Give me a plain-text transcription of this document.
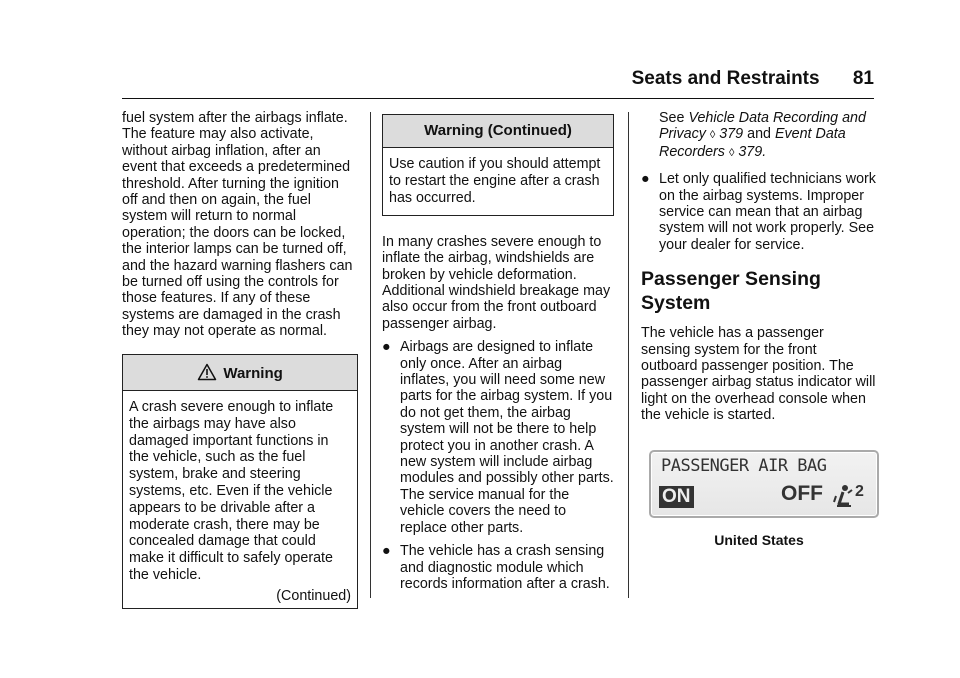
Seats and Restraints 81

fuel system after the airbags inflate. The feature may also activate, without airbag inflation, after an event that exceeds a predetermined threshold. After turning the ignition off and then on again, the fuel system will return to normal operation; the doors can be locked, the interior lamps can be turned off, and the hazard warning flashers can be turned off using the controls for those features. If any of these systems are damaged in the crash they may not operate as normal.

Warning
A crash severe enough to inflate the airbags may have also damaged important functions in the vehicle, such as the fuel system, brake and steering systems, etc. Even if the vehicle appears to be drivable after a moderate crash, there may be concealed damage that could make it difficult to safely operate the vehicle.
(Continued)
Warning (Continued)
Use caution if you should attempt to restart the engine after a crash has occurred.

In many crashes severe enough to inflate the airbag, windshields are broken by vehicle deformation. Additional windshield breakage may also occur from the front outboard passenger airbag.

● Airbags are designed to inflate only once. After an airbag inflates, you will need some new parts for the airbag system. If you do not get them, the airbag system will not be there to help protect you in another crash. A new system will include airbag modules and possibly other parts. The service manual for the vehicle covers the need to replace other parts.
● The vehicle has a crash sensing and diagnostic module which records information after a crash.

See Vehicle Data Recording and Privacy ◊ 379 and Event Data Recorders ◊ 379.

● Let only qualified technicians work on the airbag systems. Improper service can mean that an airbag system will not work properly. See your dealer for service.
Passenger Sensing System

The vehicle has a passenger sensing system for the front outboard passenger position. The passenger airbag status indicator will light on the overhead console when the vehicle is started.

PASSENGER AIR BAG
ON	OFF	2
United States
